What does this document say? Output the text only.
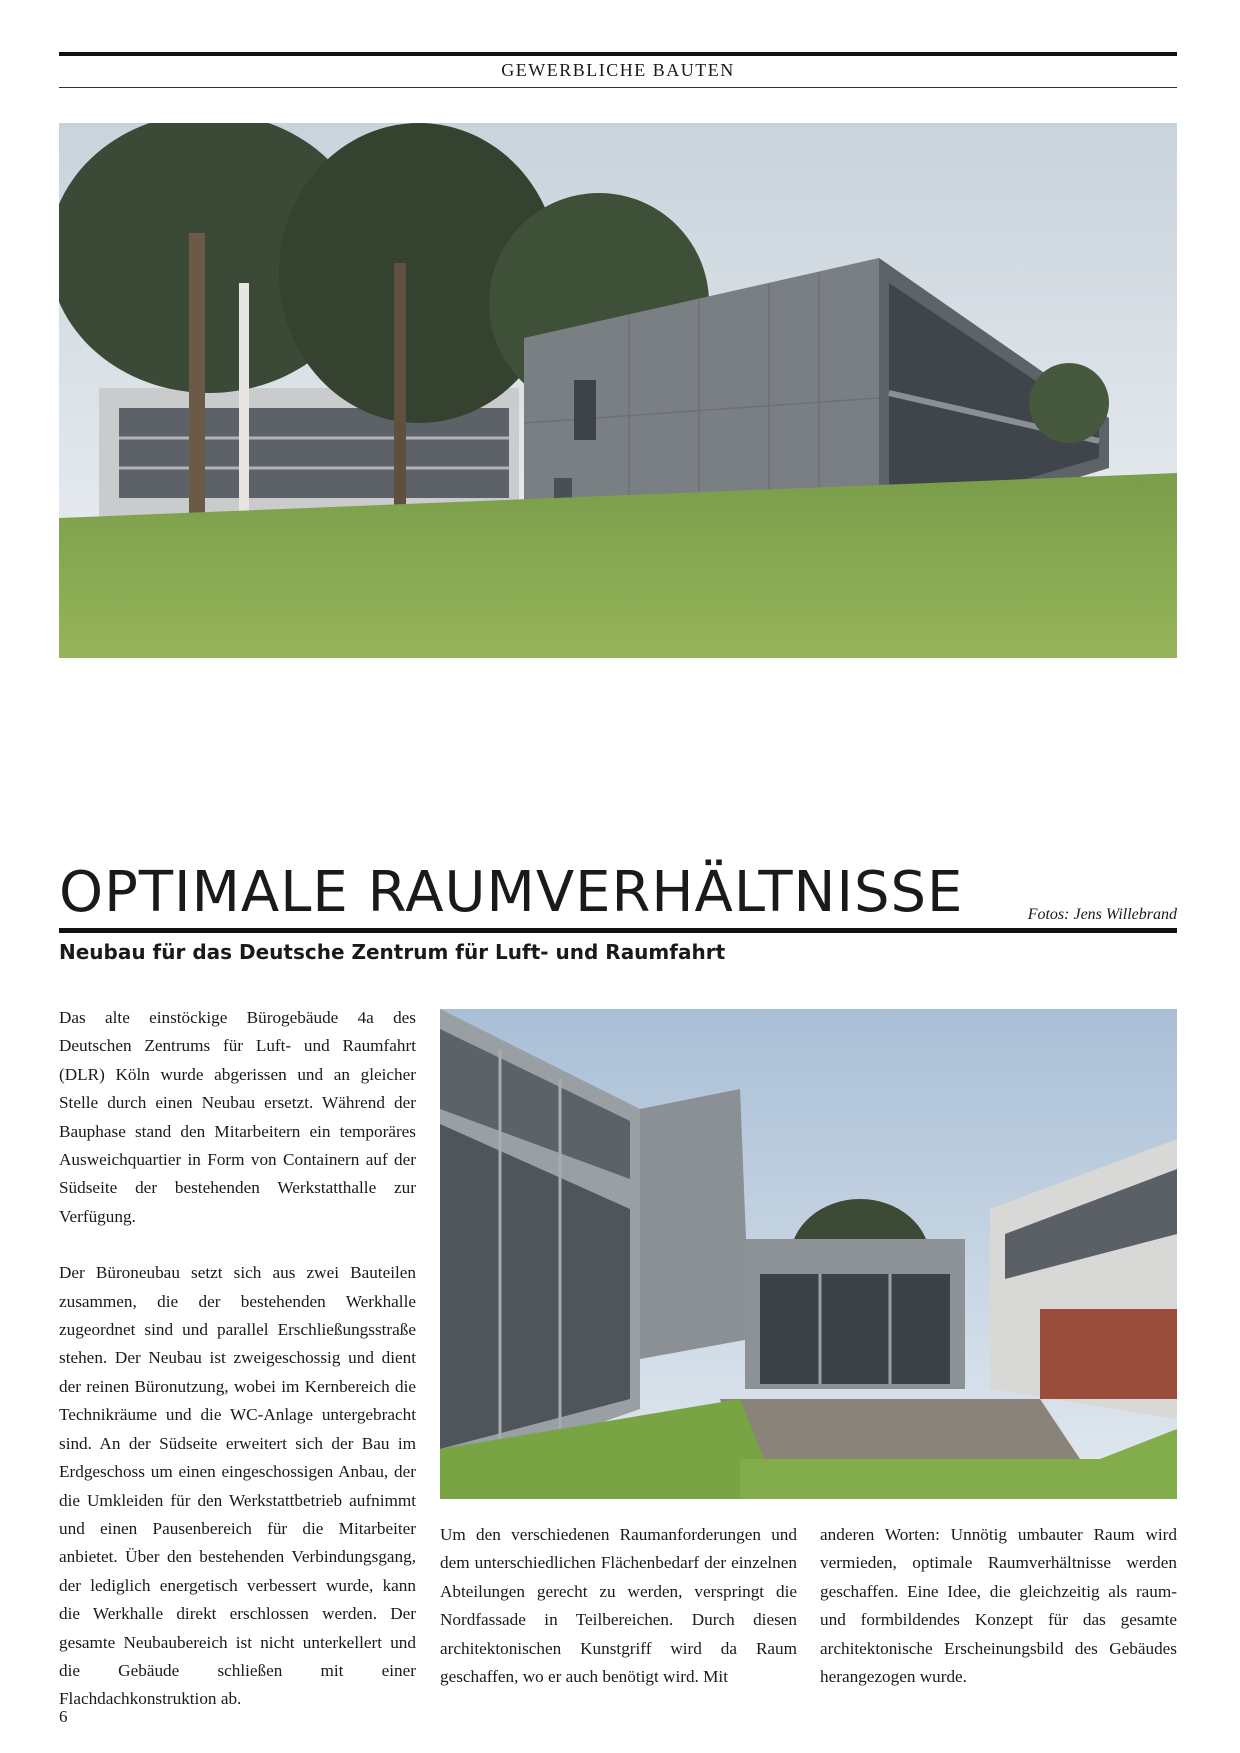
GEWERBLICHE BAUTEN
OPTIMALE RAUMVERHÄLTNISSE	Fotos: Jens Willebrand
Neubau für das Deutsche Zentrum für Luft- und Raumfahrt

Das alte einstöckige Bürogebäude 4a des Deutschen Zentrums für Luft- und Raumfahrt (DLR) Köln wurde abgerissen und an gleicher Stelle durch einen Neubau ersetzt. Während der Bauphase stand den Mitarbeitern ein temporäres Ausweichquartier in Form von Containern auf der Südseite der bestehenden Werkstatthalle zur Verfügung.

Der Büroneubau setzt sich aus zwei Bauteilen zusammen, die der bestehenden Werkhalle zugeordnet sind und parallel Erschließungsstraße stehen. Der Neubau ist zweigeschossig und dient der reinen Büronutzung, wobei im Kernbereich die Technikräume und die WC-Anlage untergebracht sind. An der Südseite erweitert sich der Bau im Erdgeschoss um einen eingeschossigen Anbau, der die Umkleiden für den Werkstattbetrieb aufnimmt und einen Pausenbereich für die Mitarbeiter anbietet. Über den bestehenden Verbindungsgang, der lediglich energetisch verbessert wurde, kann die Werkhalle direkt erschlossen werden. Der gesamte Neubaubereich ist nicht unterkellert und die Gebäude schließen mit einer Flachdachkonstruktion ab.

Um den verschiedenen Raumanforderungen und dem unterschiedlichen Flächenbedarf der einzelnen Abteilungen gerecht zu werden, verspringt die Nordfassade in Teilbereichen. Durch diesen architektonischen Kunstgriff wird da Raum geschaffen, wo er auch benötigt wird. Mit

anderen Worten: Unnötig umbauter Raum wird vermieden, optimale Raumverhältnisse werden geschaffen. Eine Idee, die gleichzeitig als raum- und formbildendes Konzept für das gesamte architektonische Erscheinungsbild des Gebäudes herangezogen wurde.

6
